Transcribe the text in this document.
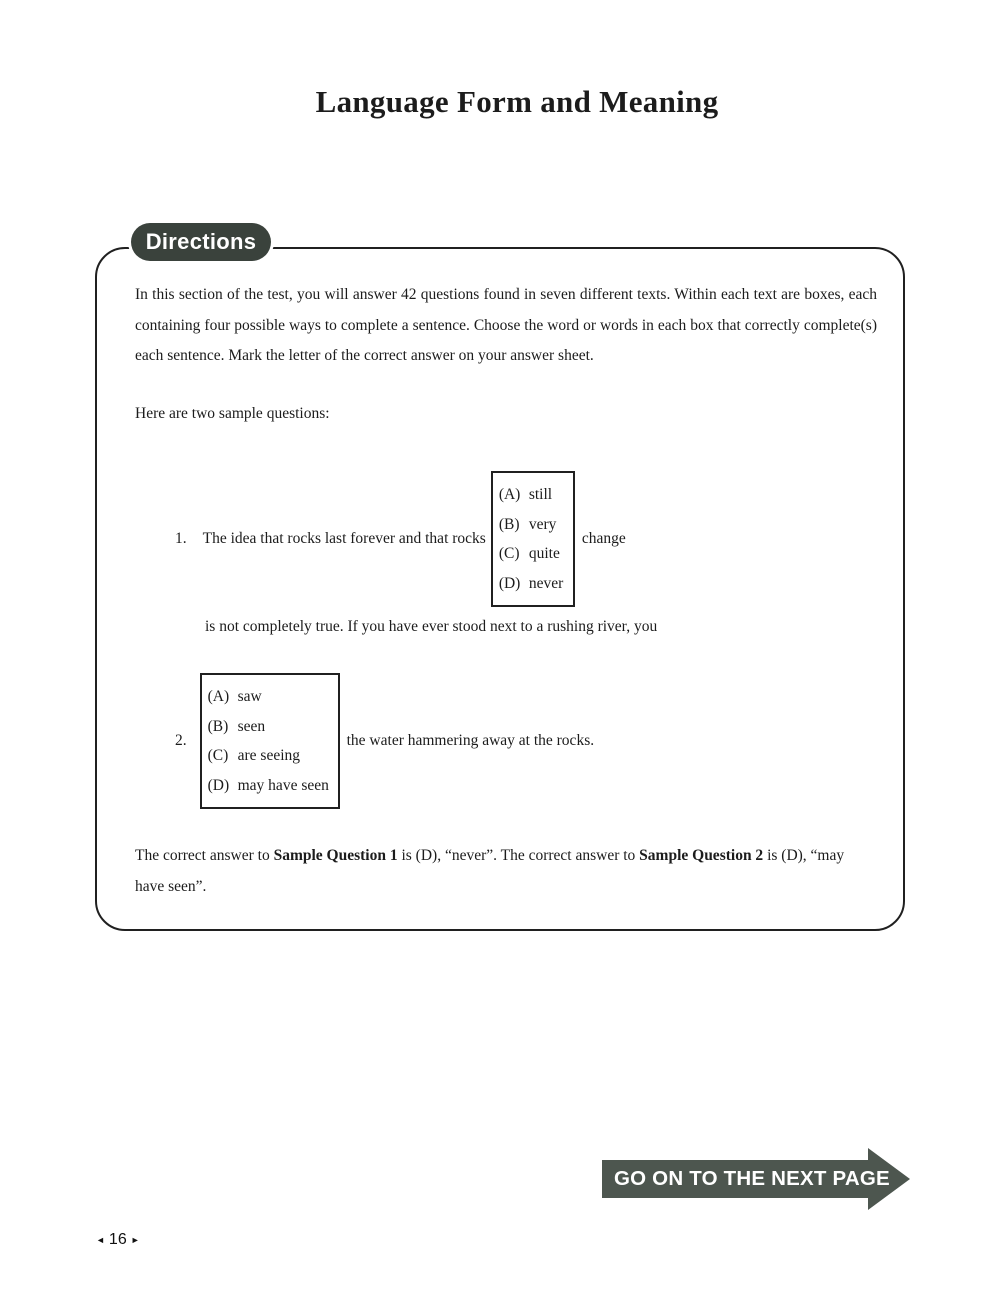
Language Form and Meaning
Directions

In this section of the test, you will answer 42 questions found in seven different texts. Within each text are boxes, each containing four possible ways to complete a sentence. Choose the word or words in each box that correctly complete(s) each sentence. Mark the letter of the correct answer on your answer sheet.

Here are two sample questions:

1. The idea that rocks last forever and that rocks
(A) still
(B) very
(C) quite
(D) never
change

is not completely true. If you have ever stood next to a rushing river, you

2.
(A) saw
(B) seen
(C) are seeing
(D) may have seen
the water hammering away at the rocks.

The correct answer to Sample Question 1 is (D), “never”. The correct answer to Sample Question 2 is (D), “may
have seen”.

GO ON TO THE NEXT PAGE
◄ 16 ►
